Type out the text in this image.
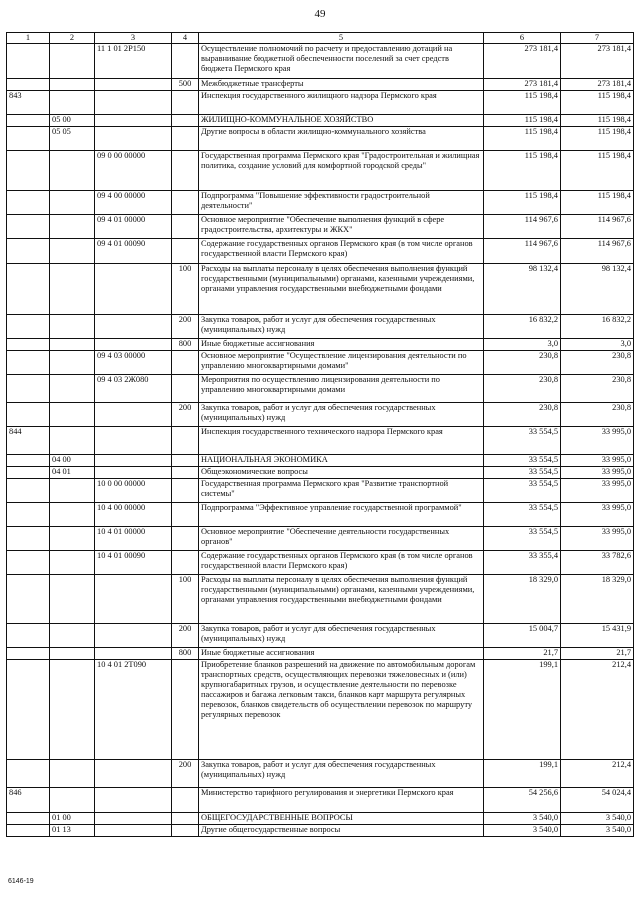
49
1	2	3	4	5	6	7
		11 1 01 2P150		Осуществление полномочий по расчету и предоставлению дотаций на выравнивание бюджетной обеспеченности поселений за счет средств бюджета Пермского края	273 181,4	273 181,4
			500	Межбюджетные трансферты	273 181,4	273 181,4
843				Инспекция государственного жилищного надзора Пермского края	115 198,4	115 198,4
	05 00			ЖИЛИЩНО-КОММУНАЛЬНОЕ ХОЗЯЙСТВО	115 198,4	115 198,4
	05 05			Другие вопросы в области жилищно-коммунального хозяйства	115 198,4	115 198,4
		09 0 00 00000		Государственная программа Пермского края "Градостроительная и жилищная политика, создание условий для комфортной городской среды"	115 198,4	115 198,4
		09 4 00 00000		Подпрограмма "Повышение эффективности градостроительной деятельности"	115 198,4	115 198,4
		09 4 01 00000		Основное мероприятие "Обеспечение выполнения функций в сфере градостроительства, архитектуры и ЖКХ"	114 967,6	114 967,6
		09 4 01 00090		Содержание государственных органов Пермского края (в том числе органов государственной власти Пермского края)	114 967,6	114 967,6
			100	Расходы на выплаты персоналу в целях обеспечения выполнения функций государственными (муниципальными) органами, казенными учреждениями, органами управления государственными внебюджетными фондами	98 132,4	98 132,4
			200	Закупка товаров, работ и услуг для обеспечения государственных (муниципальных) нужд	16 832,2	16 832,2
			800	Иные бюджетные ассигнования	3,0	3,0
		09 4 03 00000		Основное мероприятие "Осуществление лицензирования деятельности по управлению многоквартирными домами"	230,8	230,8
		09 4 03 2Ж080		Мероприятия по осуществлению лицензирования деятельности по управлению многоквартирными домами	230,8	230,8
			200	Закупка товаров, работ и услуг для обеспечения государственных (муниципальных) нужд	230,8	230,8
844				Инспекция государственного технического надзора Пермского края	33 554,5	33 995,0
	04 00			НАЦИОНАЛЬНАЯ ЭКОНОМИКА	33 554,5	33 995,0
	04 01			Общеэкономические вопросы	33 554,5	33 995,0
		10 0 00 00000		Государственная программа Пермского края "Развитие транспортной системы"	33 554,5	33 995,0
		10 4 00 00000		Подпрограмма "Эффективное управление государственной программой"	33 554,5	33 995,0
		10 4 01 00000		Основное мероприятие "Обеспечение деятельности государственных органов"	33 554,5	33 995,0
		10 4 01 00090		Содержание государственных органов Пермского края (в том числе органов государственной власти Пермского края)	33 355,4	33 782,6
			100	Расходы на выплаты персоналу в целях обеспечения выполнения функций государственными (муниципальными) органами, казенными учреждениями, органами управления государственными внебюджетными фондами	18 329,0	18 329,0
			200	Закупка товаров, работ и услуг для обеспечения государственных (муниципальных) нужд	15 004,7	15 431,9
			800	Иные бюджетные ассигнования	21,7	21,7
		10 4 01 2T090		Приобретение бланков разрешений на движение по автомобильным дорогам транспортных средств, осуществляющих перевозки тяжеловесных и (или) крупногабаритных грузов, и осуществление деятельности по перевозке пассажиров и багажа легковым такси, бланков карт маршрута регулярных перевозок, бланков свидетельств об осуществлении перевозок по маршруту регулярных перевозок	199,1	212,4
			200	Закупка товаров, работ и услуг для обеспечения государственных (муниципальных) нужд	199,1	212,4
846				Министерство тарифного регулирования и энергетики Пермского края	54 256,6	54 024,4
	01 00			ОБЩЕГОСУДАРСТВЕННЫЕ ВОПРОСЫ	3 540,0	3 540,0
	01 13			Другие общегосударственные вопросы	3 540,0	3 540,0
6146-19
